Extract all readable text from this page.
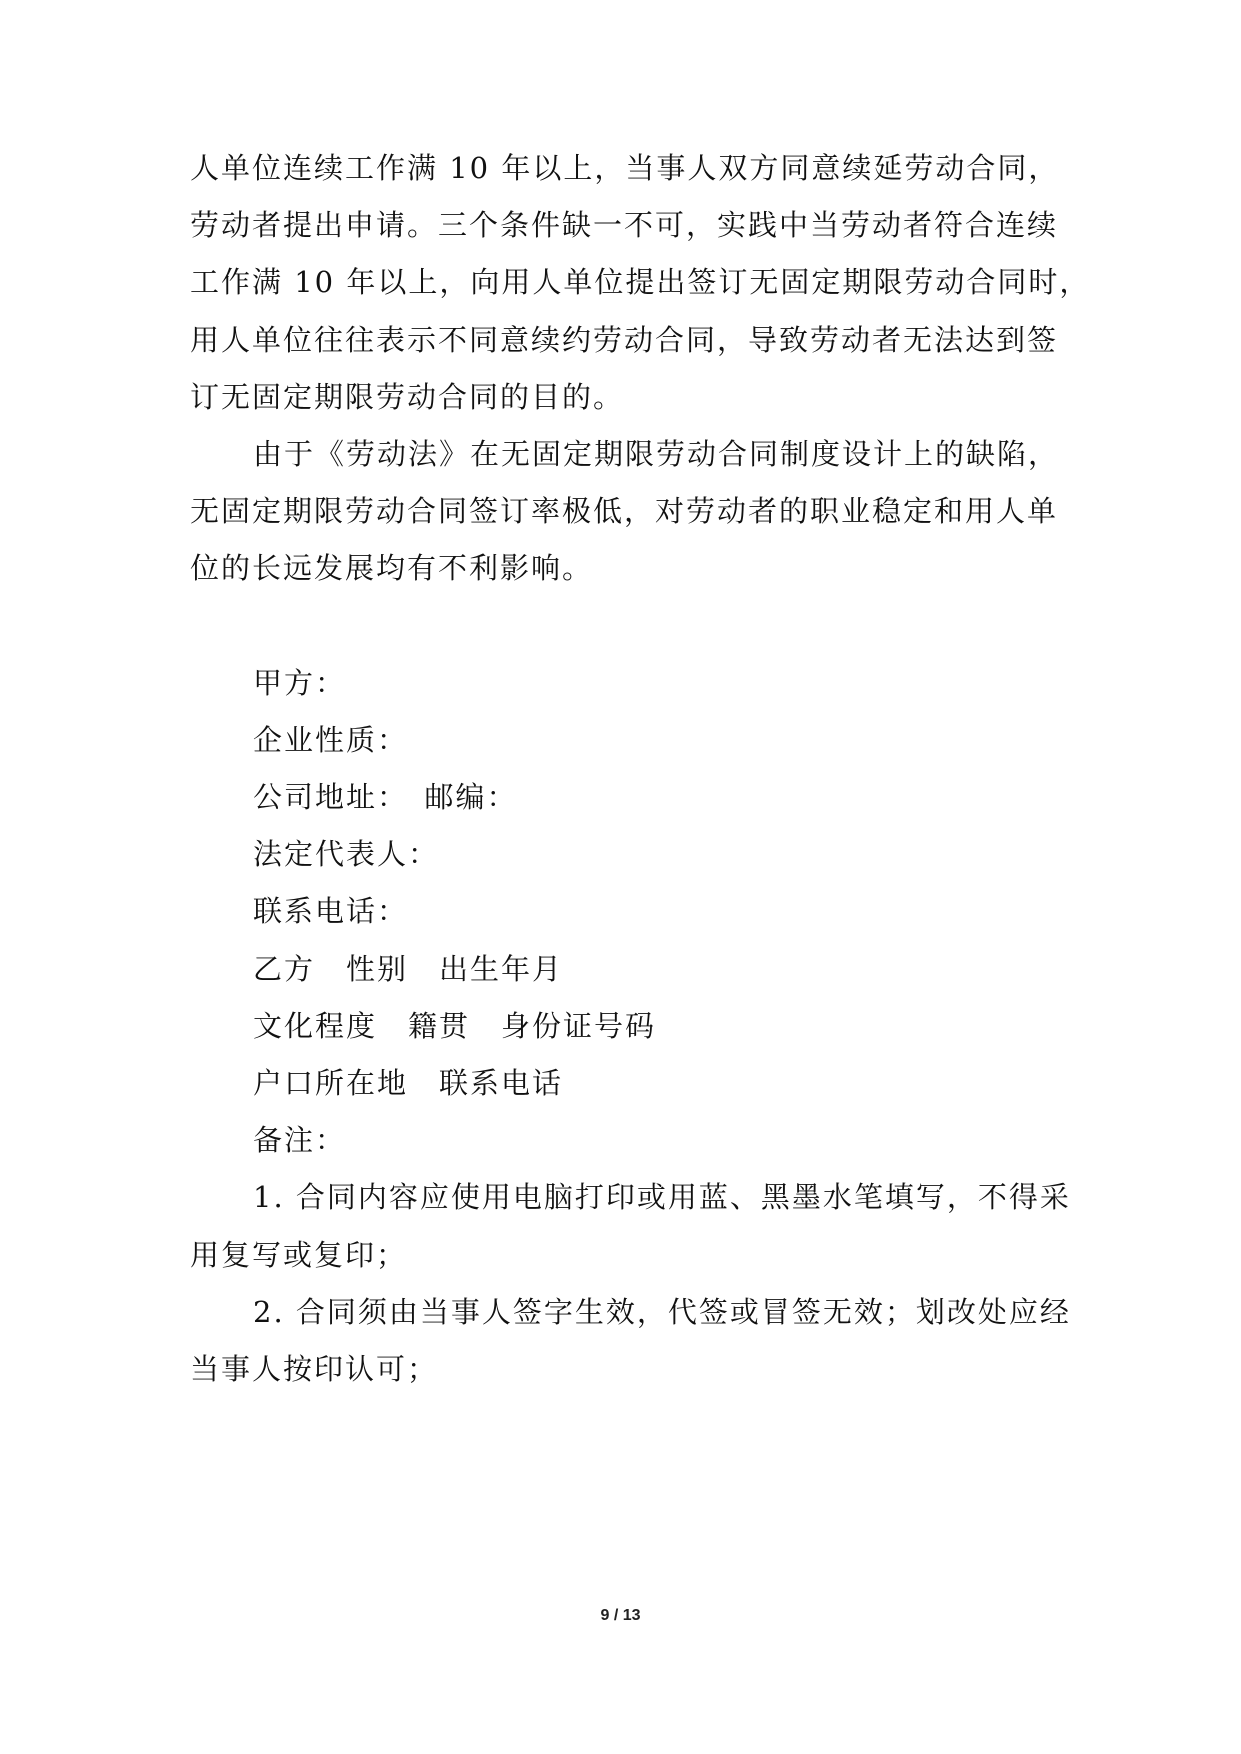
人单位连续工作满 10 年以上，当事人双方同意续延劳动合同，
劳动者提出申请。三个条件缺一不可，实践中当劳动者符合连续
工作满 10 年以上，向用人单位提出签订无固定期限劳动合同时，
用人单位往往表示不同意续约劳动合同，导致劳动者无法达到签
订无固定期限劳动合同的目的。
由于《劳动法》在无固定期限劳动合同制度设计上的缺陷，
无固定期限劳动合同签订率极低，对劳动者的职业稳定和用人单
位的长远发展均有不利影响。
甲方：
企业性质：
公司地址：　邮编：
法定代表人：
联系电话：
乙方　性别　出生年月
文化程度　籍贯　身份证号码
户口所在地　联系电话
备注：
1. 合同内容应使用电脑打印或用蓝、黑墨水笔填写，不得采
用复写或复印；
2. 合同须由当事人签字生效，代签或冒签无效；划改处应经
当事人按印认可；
9 / 13
